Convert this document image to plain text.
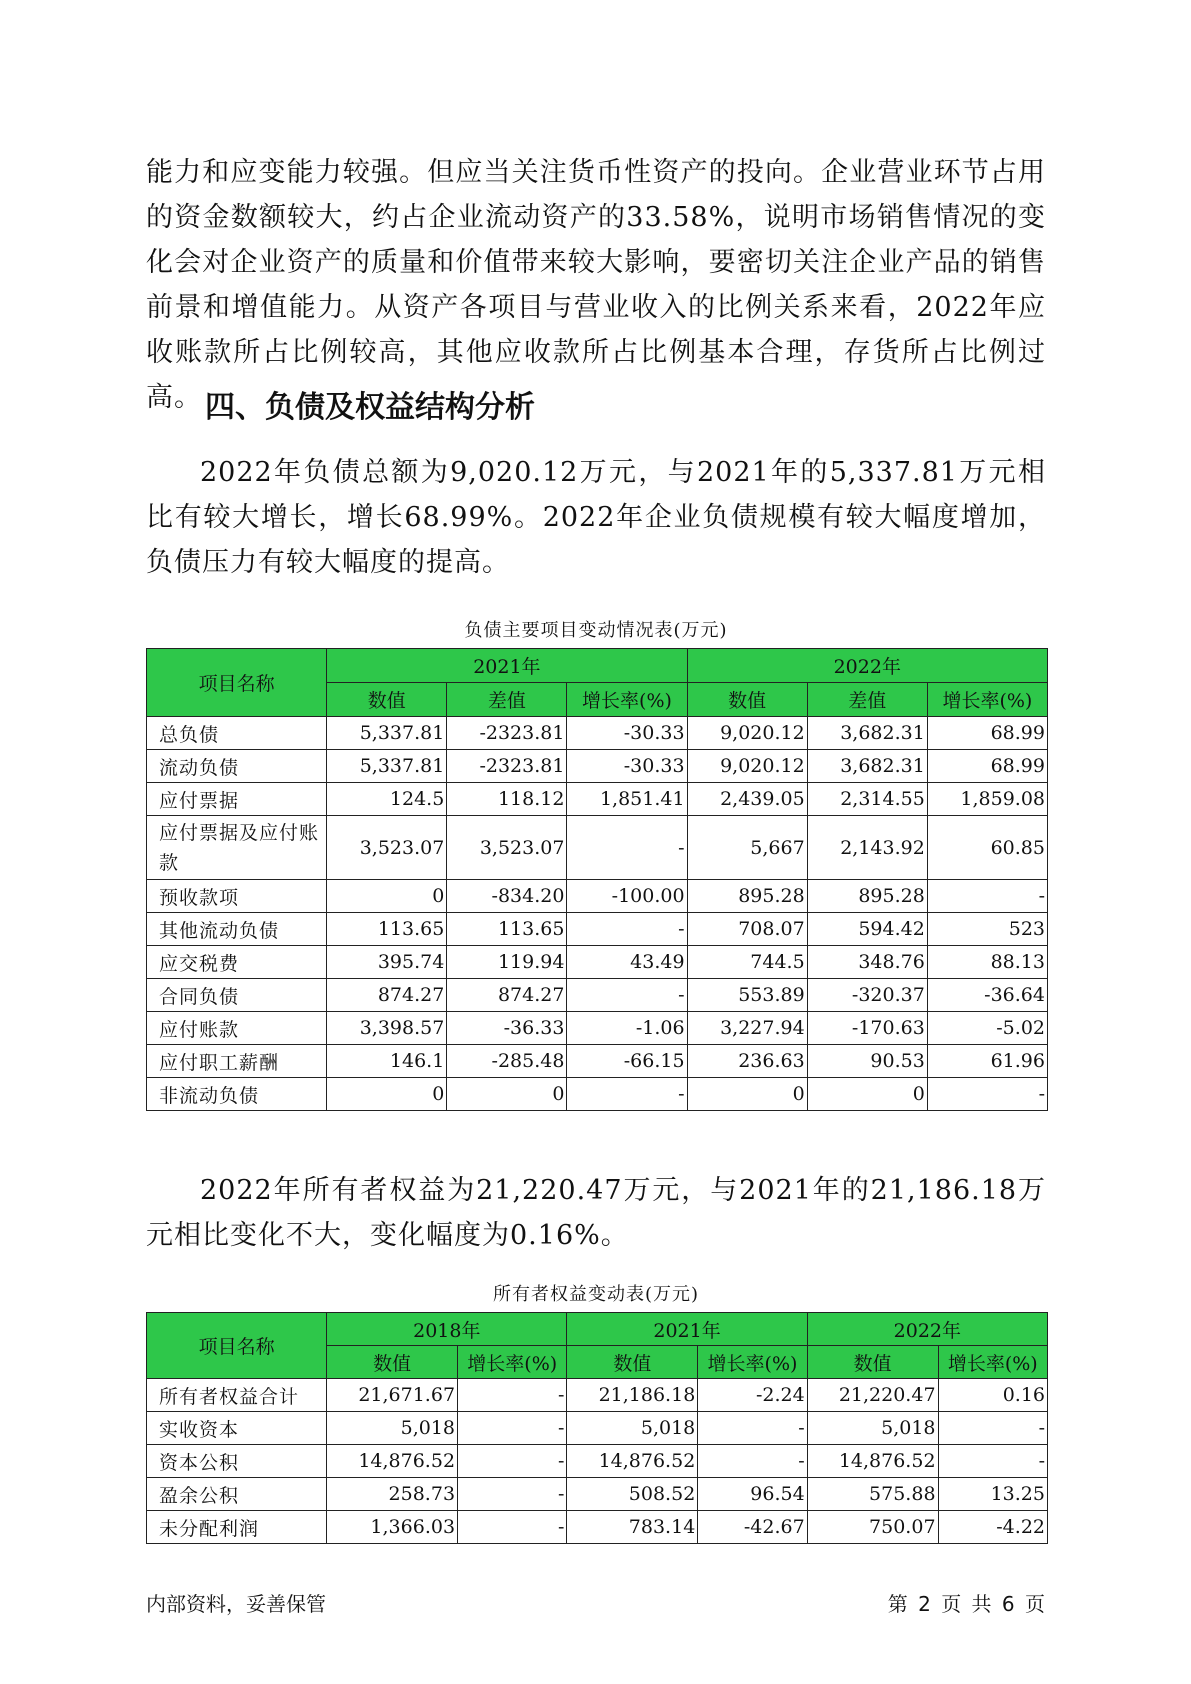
能力和应变能力较强。但应当关注货币性资产的投向。企业营业环节占用的资金数额较大，约占企业流动资产的33.58%，说明市场销售情况的变化会对企业资产的质量和价值带来较大影响，要密切关注企业产品的销售前景和增值能力。从资产各项目与营业收入的比例关系来看，2022年应收账款所占比例较高，其他应收款所占比例基本合理，存货所占比例过高。 四、负债及权益结构分析

2022年负债总额为9,020.12万元，与2021年的5,337.81万元相比有较大增长，增长68.99%。2022年企业负债规模有较大幅度增加，负债压力有较大幅度的提高。

负债主要项目变动情况表(万元)
项目名称	2021年			2022年		
	数值	差值	增长率(%)	数值	差值	增长率(%)
总负债	5,337.81	-2323.81	-30.33	9,020.12	3,682.31	68.99
流动负债	5,337.81	-2323.81	-30.33	9,020.12	3,682.31	68.99
应付票据	124.5	118.12	1,851.41	2,439.05	2,314.55	1,859.08
应付票据及应付账款	3,523.07	3,523.07	-	5,667	2,143.92	60.85
预收款项	0	-834.20	-100.00	895.28	895.28	-
其他流动负债	113.65	113.65	-	708.07	594.42	523
应交税费	395.74	119.94	43.49	744.5	348.76	88.13
合同负债	874.27	874.27	-	553.89	-320.37	-36.64
应付账款	3,398.57	-36.33	-1.06	3,227.94	-170.63	-5.02
应付职工薪酬	146.1	-285.48	-66.15	236.63	90.53	61.96
非流动负债	0	0	-	0	0	-

2022年所有者权益为21,220.47万元，与2021年的21,186.18万元相比变化不大，变化幅度为0.16%。

所有者权益变动表(万元)
项目名称	2018年		2021年		2022年	
	数值	增长率(%)	数值	增长率(%)	数值	增长率(%)
所有者权益合计	21,671.67	-	21,186.18	-2.24	21,220.47	0.16
实收资本	5,018	-	5,018	-	5,018	-
资本公积	14,876.52	-	14,876.52	-	14,876.52	-
盈余公积	258.73	-	508.52	96.54	575.88	13.25
未分配利润	1,366.03	-	783.14	-42.67	750.07	-4.22
内部资料，妥善保管	第 2 页 共 6 页
